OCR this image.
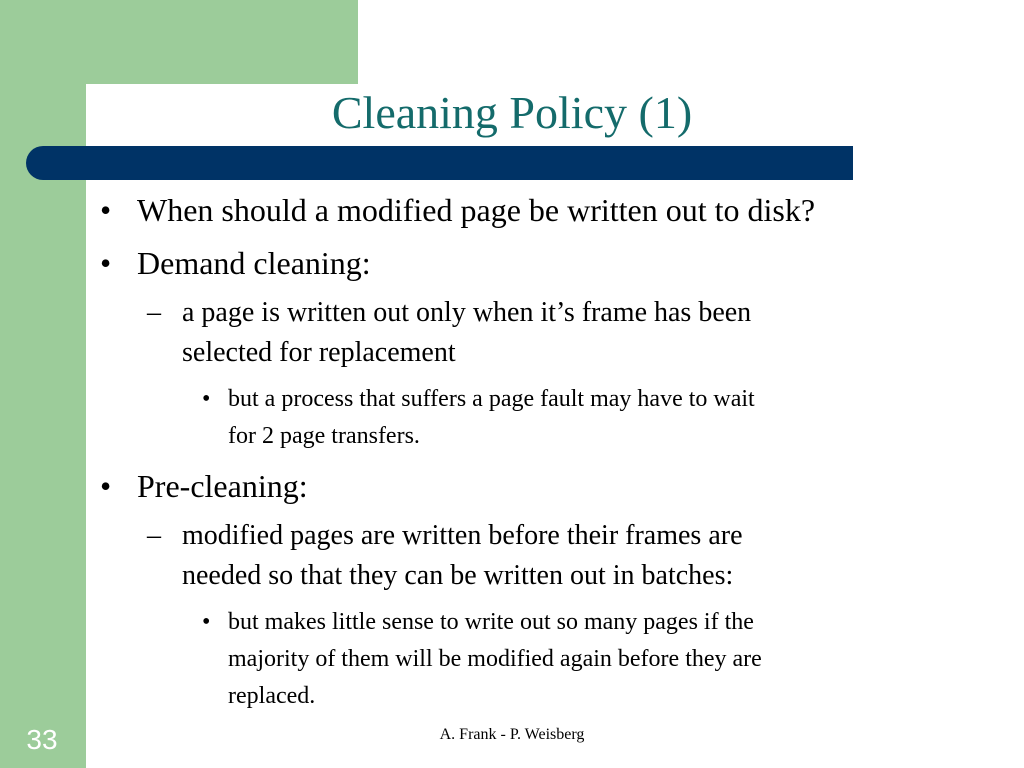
Cleaning Policy (1)
• When should a modified page be written out to disk?
• Demand cleaning:
– a page is written out only when it’s frame has been
selected for replacement
• but a process that suffers a page fault may have to wait
for 2 page transfers.
• Pre-cleaning:
– modified pages are written before their frames are
needed so that they can be written out in batches:
• but makes little sense to write out so many pages if the
majority of them will be modified again before they are
replaced.
33	A. Frank - P. Weisberg
